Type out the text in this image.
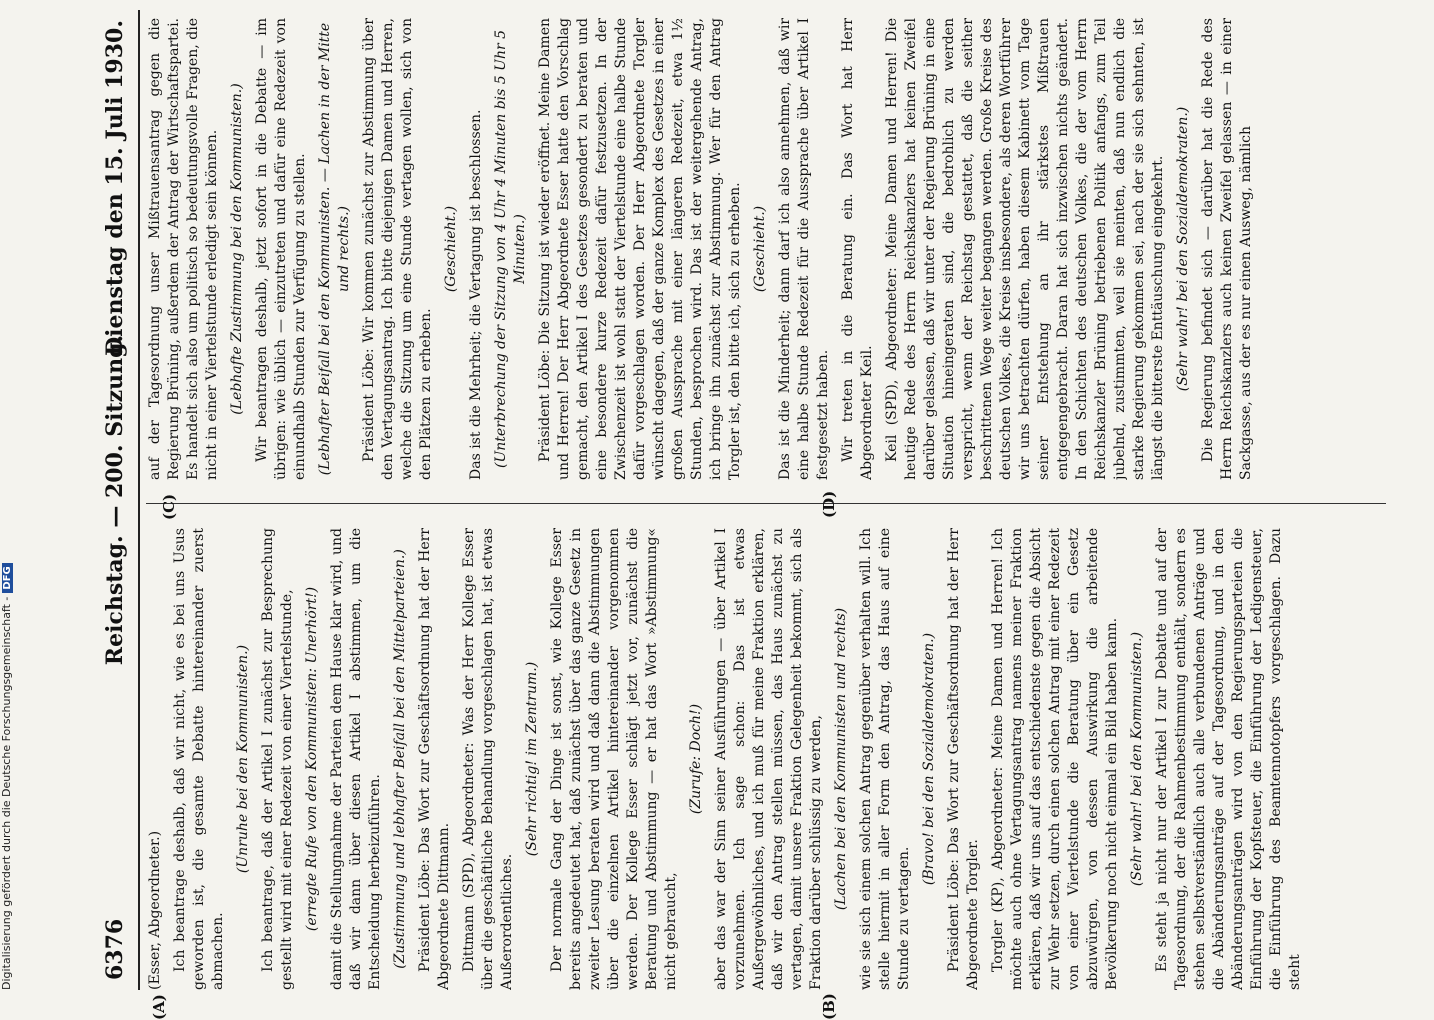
6376
Reichstag. — 200. Sitzung.
Dienstag den 15. Juli 1930.

(Esser, Abgeordneter.) Ich beantrage deshalb, daß wir nicht, wie es bei uns Usus geworden ist, die gesamte Debatte hintereinander zuerst abmachen.

(Unruhe bei den Kommunisten.) Ich beantrage, daß der Artikel I zunächst zur Besprechung gestellt wird mit einer Redezeit von einer Viertelstunde, (erregte Rufe von den Kommunisten: Unerhört!) damit die Stellungnahme der Parteien dem Hause klar wird, und daß wir dann über diesen Artikel I abstimmen, um die Entscheidung herbeizuführen. (Zustimmung und lebhafter Beifall bei den Mittelparteien.) Präsident Löbe: Das Wort zur Geschäftsordnung hat der Herr Abgeordnete Dittmann. Dittmann (SPD), Abgeordneter: Was der Herr Kollege Esser über die geschäftliche Behandlung vorgeschlagen hat, ist etwas Außerordentliches.

(Sehr richtig! im Zentrum.) Der normale Gang der Dinge ist sonst, wie Kollege Esser bereits angedeutet hat, daß zunächst über das ganze Gesetz in zweiter Lesung beraten wird und daß dann die Abstimmungen über die einzelnen Artikel hintereinander vorgenommen werden. Der Kollege Esser schlägt jetzt vor, zunächst die Beratung und Abstimmung — er hat das Wort »Abstimmung« nicht gebraucht,

(Zurufe: Doch!) aber das war der Sinn seiner Ausführungen — über Artikel I vorzunehmen. Ich sage schon: Das ist etwas Außergewöhnliches, und ich muß für meine Fraktion erklären, daß wir den Antrag stellen müssen, das Haus zunächst zu vertagen, damit unsere Fraktion Gelegenheit bekommt, sich als Fraktion darüber schlüssig zu werden, (Lachen bei den Kommunisten und rechts) wie sie sich einem solchen Antrag gegenüber verhalten will. Ich stelle hiermit in aller Form den Antrag, das Haus auf eine Stunde zu vertagen.

(Bravo! bei den Sozialdemokraten.) Präsident Löbe: Das Wort zur Geschäftsordnung hat der Herr Abgeordnete Torgler. Torgler (KP), Abgeordneter: Meine Damen und Herren! Ich möchte auch ohne Vertagungsantrag namens meiner Fraktion erklären, daß wir uns auf das entschiedenste gegen die Absicht zur Wehr setzen, durch einen solchen Antrag mit einer Redezeit von einer Viertelstunde die Beratung über ein Gesetz abzuwürgen, von dessen Auswirkung die arbeitende Bevölkerung noch nicht einmal ein Bild haben kann. (Sehr wahr! bei den Kommunisten.) Es steht ja nicht nur der Artikel I zur Debatte und auf der Tagesordnung, der die Rahmenbestimmung enthält, sondern es stehen selbstverständlich auch alle verbundenen Anträge und die Abänderungsanträge auf der Tagesordnung, und in den Abänderungsanträgen wird von den Regierungsparteien die Einführung der Kopfsteuer, die Einführung der Ledigensteuer, die Einführung des Beamtennotopfers vorgeschlagen. Dazu steht

auf der Tagesordnung unser Mißtrauensantrag gegen die Regierung Brüning, außerdem der Antrag der Wirtschaftspartei. Es handelt sich also um politisch so bedeutungsvolle Fragen, die nicht in einer Viertelstunde erledigt sein können. (Lebhafte Zustimmung bei den Kommunisten.) Wir beantragen deshalb, jetzt sofort in die Debatte — im übrigen: wie üblich — einzutreten und dafür eine Redezeit von einundhalb Stunden zur Verfügung zu stellen. (Lebhafter Beifall bei den Kommunisten. — Lachen in der Mitte und rechts.) Präsident Löbe: Wir kommen zunächst zur Abstimmung über den Vertagungsantrag. Ich bitte diejenigen Damen und Herren, welche die Sitzung um eine Stunde vertagen wollen, sich von den Plätzen zu erheben.

(Geschieht.) Das ist die Mehrheit; die Vertagung ist beschlossen. (Unterbrechung der Sitzung von 4 Uhr 4 Minuten bis 5 Uhr 5 Minuten.) Präsident Löbe: Die Sitzung ist wieder eröffnet. Meine Damen und Herren! Der Herr Abgeordnete Esser hatte den Vorschlag gemacht, den Artikel I des Gesetzes gesondert zu beraten und eine besondere kurze Redezeit dafür festzusetzen. In der Zwischenzeit ist wohl statt der Viertelstunde eine halbe Stunde dafür vorgeschlagen worden. Der Herr Abgeordnete Torgler wünscht dagegen, daß der ganze Komplex des Gesetzes in einer großen Aussprache mit einer längeren Redezeit, etwa 1½ Stunden, besprochen wird. Das ist der weitergehende Antrag, ich bringe ihn zunächst zur Abstimmung. Wer für den Antrag Torgler ist, den bitte ich, sich zu erheben. (Geschieht.) Das ist die Minderheit; dann darf ich also annehmen, daß wir eine halbe Stunde Redezeit für die Aussprache über Artikel I festgesetzt haben. Wir treten in die Beratung ein. Das Wort hat Herr Abgeordneter Keil. Keil (SPD), Abgeordneter: Meine Damen und Herren! Die heutige Rede des Herrn Reichskanzlers hat keinen Zweifel darüber gelassen, daß wir unter der Regierung Brüning in eine Situation hineingeraten sind, die bedrohlich zu werden verspricht, wenn der Reichstag gestattet, daß die seither beschrittenen Wege weiter begangen werden. Große Kreise des deutschen Volkes, die Kreise insbesondere, als deren Wortführer wir uns betrachten dürfen, haben diesem Kabinett vom Tage seiner Entstehung an ihr stärkstes Mißtrauen entgegengebracht. Daran hat sich inzwischen nichts geändert. In den Schichten des deutschen Volkes, die der vom Herrn Reichskanzler Brüning betriebenen Politik anfangs, zum Teil jubelnd, zustimmten, weil sie meinten, daß nun endlich die starke Regierung gekommen sei, nach der sie sich sehnten, ist längst die bitterste Enttäuschung eingekehrt. (Sehr wahr! bei den Sozialdemokraten.) Die Regierung befindet sich — darüber hat die Rede des Herrn Reichskanzlers auch keinen Zweifel gelassen — in einer Sackgasse, aus der es nur einen Ausweg, nämlich

(A)	(B)
(C)	(D)
Digitalisierung gefördert durch die Deutsche Forschungsgemeinschaft -DFG
